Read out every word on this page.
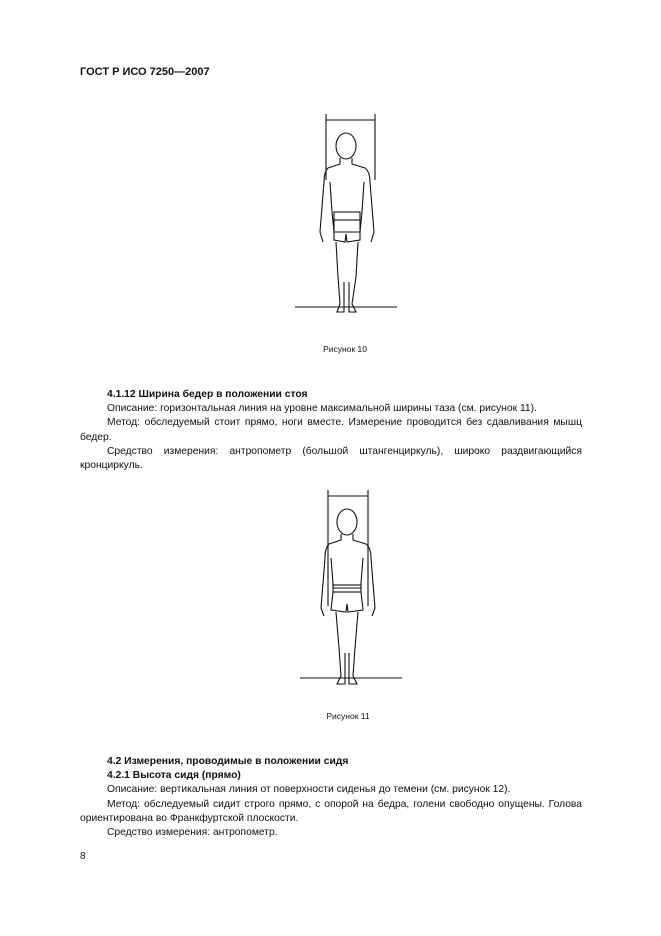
ГОСТ Р ИСО 7250—2007
Рисунок 10
4.1.12 Ширина бедер в положении стоя

Описание: горизонтальная линия на уровне максимальной ширины таза (см. рисунок 11).

Метод: обследуемый стоит прямо, ноги вместе. Измерение проводится без сдавливания мышц бедер.

Средство измерения: антропометр (большой штангенциркуль), широко раздвигающийся кронциркуль.

Рисунок 11
4.2 Измерения, проводимые в положении сидя
4.2.1 Высота сидя (прямо)

Описание: вертикальная линия от поверхности сиденья до темени (см. рисунок 12).

Метод: обследуемый сидит строго прямо, с опорой на бедра, голени свободно опущены. Голова ориентирована во Франкфуртской плоскости.

Средство измерения: антропометр.

8
